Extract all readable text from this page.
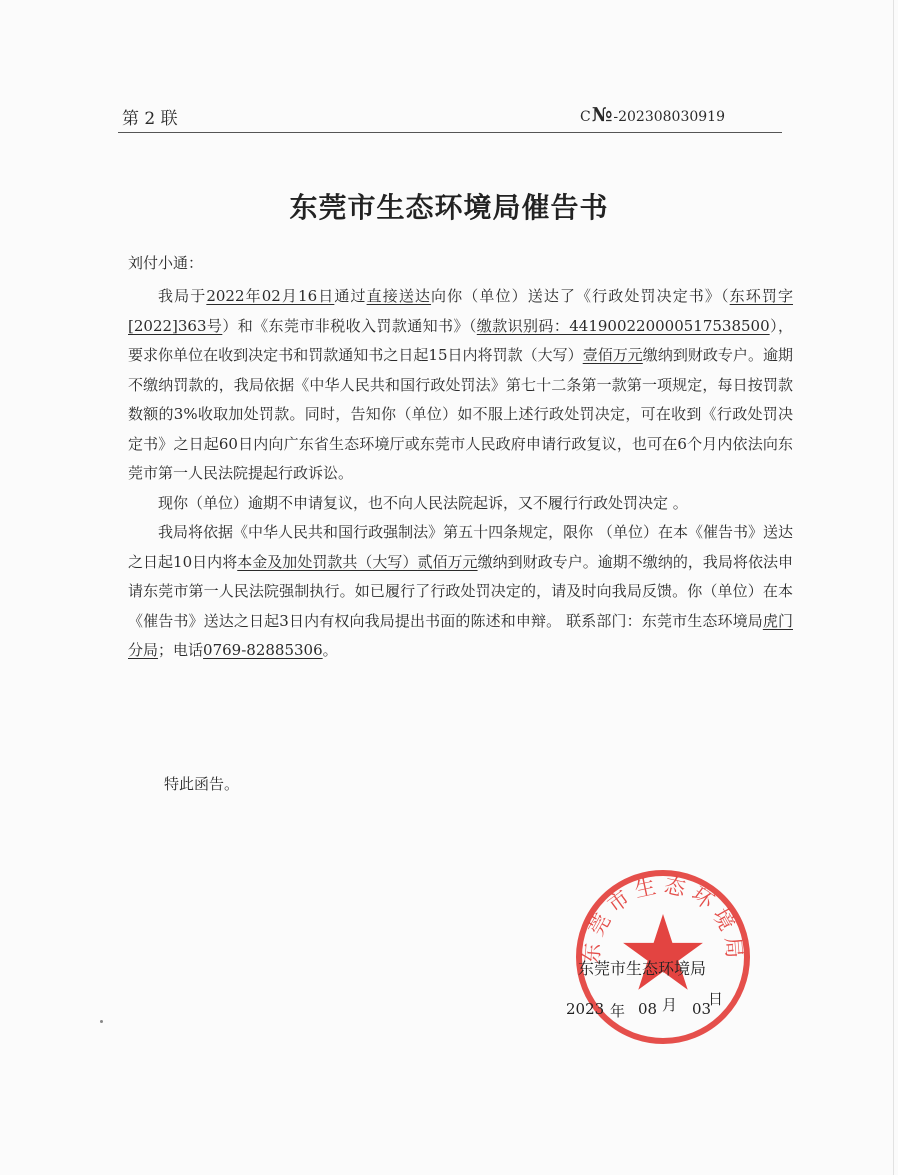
第 2 联	C№-202308030919
东莞市生态环境局催告书
刘付小通：

我局于2022年02月16日通过直接送达向你（单位）送达了《行政处罚决定书》（东环罚字[2022]363号）和《东莞市非税收入罚款通知书》（缴款识别码：441900220000517538500），要求你单位在收到决定书和罚款通知书之日起15日内将罚款（大写）壹佰万元缴纳到财政专户。逾期不缴纳罚款的，我局依据《中华人民共和国行政处罚法》第七十二条第一款第一项规定，每日按罚款数额的3%收取加处罚款。同时，告知你（单位）如不服上述行政处罚决定，可在收到《行政处罚决定书》之日起60日内向广东省生态环境厅或东莞市人民政府申请行政复议，也可在6个月内依法向东莞市第一人民法院提起行政诉讼。

现你（单位）逾期不申请复议，也不向人民法院起诉，又不履行行政处罚决定 。

我局将依据《中华人民共和国行政强制法》第五十四条规定，限你 （单位）在本《催告书》送达之日起10日内将本金及加处罚款共（大写）贰佰万元缴纳到财政专户。逾期不缴纳的，我局将依法申请东莞市第一人民法院强制执行。如已履行了行政处罚决定的，请及时向我局反馈。你（单位）在本《催告书》送达之日起3日内有权向我局提出书面的陈述和申辩。 联系部门：东莞市生态环境局虎门分局；电话0769-82885306。

特此函告。
东莞市生态环境局
东莞市生态环境局
2023 年 08 月 03
日
